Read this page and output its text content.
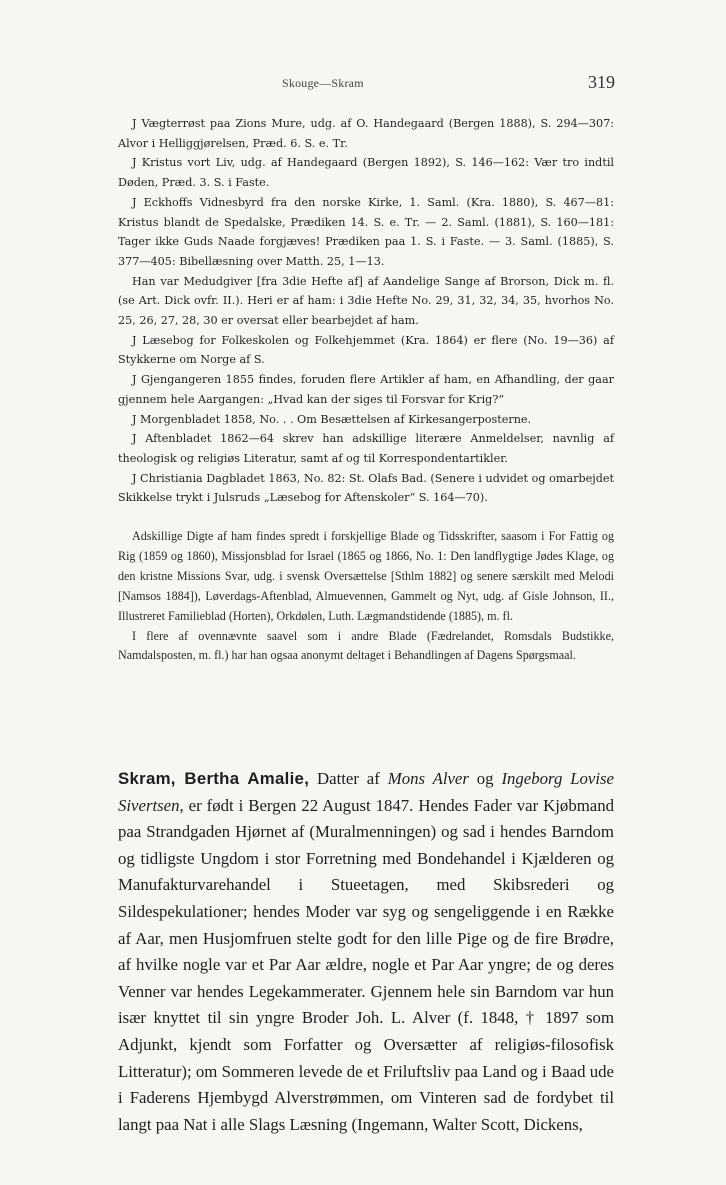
Skouge—Skram	319

J Vægterrøst paa Zions Mure, udg. af O. Handegaard (Bergen 1888), S. 294—307: Alvor i Helliggjørelsen, Præd. 6. S. e. Tr.

J Kristus vort Liv, udg. af Handegaard (Bergen 1892), S. 146—162: Vær tro indtil Døden, Præd. 3. S. i Faste.

J Eckhoffs Vidnesbyrd fra den norske Kirke, 1. Saml. (Kra. 1880), S. 467—81: Kristus blandt de Spedalske, Prædiken 14. S. e. Tr. — 2. Saml. (1881), S. 160—181: Tager ikke Guds Naade forgjæves! Prædiken paa 1. S. i Faste. — 3. Saml. (1885), S. 377—405: Bibellæsning over Matth. 25, 1—13.

Han var Medudgiver [fra 3die Hefte af] af Aandelige Sange af Brorson, Dick m. fl. (se Art. Dick ovfr. II.). Heri er af ham: i 3die Hefte No. 29, 31, 32, 34, 35, hvorhos No. 25, 26, 27, 28, 30 er oversat eller bearbejdet af ham.

J Læsebog for Folkeskolen og Folkehjemmet (Kra. 1864) er flere (No. 19—36) af Stykkerne om Norge af S.

J Gjengangeren 1855 findes, foruden flere Artikler af ham, en Afhandling, der gaar gjennem hele Aargangen: „Hvad kan der siges til Forsvar for Krig?“

J Morgenbladet 1858, No. . . Om Besættelsen af Kirkesangerposterne.

J Aftenbladet 1862—64 skrev han adskillige literære Anmeldelser, navnlig af theologisk og religiøs Literatur, samt af og til Korrespondentartikler.

J Christiania Dagbladet 1863, No. 82: St. Olafs Bad. (Senere i udvidet og omarbejdet Skikkelse trykt i Julsruds „Læsebog for Aftenskoler“ S. 164—70).

Adskillige Digte af ham findes spredt i forskjellige Blade og Tidsskrifter, saasom i For Fattig og Rig (1859 og 1860), Missjonsblad for Israel (1865 og 1866, No. 1: Den landflygtige Jødes Klage, og den kristne Missions Svar, udg. i svensk Oversættelse [Sthlm 1882] og senere særskilt med Melodi [Namsos 1884]), Løverdags-Aftenblad, Almuevennen, Gammelt og Nyt, udg. af Gisle Johnson, II., Illustreret Familieblad (Horten), Orkdølen, Luth. Lægmandstidende (1885), m. fl.

I flere af ovennævnte saavel som i andre Blade (Fædrelandet, Romsdals Budstikke, Namdalsposten, m. fl.) har han ogsaa anonymt deltaget i Behandlingen af Dagens Spørgsmaal.

Skram, Bertha Amalie, Datter af Mons Alver og Ingeborg Lovise Sivertsen, er født i Bergen 22 August 1847. Hendes Fader var Kjøbmand paa Strandgaden Hjørnet af (Muralmenningen) og sad i hendes Barndom og tidligste Ungdom i stor Forretning med Bondehandel i Kjælderen og Manufakturvarehandel i Stueetagen, med Skibsrederi og Sildespekulationer; hendes Moder var syg og sengeliggende i en Række af Aar, men Husjomfruen stelte godt for den lille Pige og de fire Brødre, af hvilke nogle var et Par Aar ældre, nogle et Par Aar yngre; de og deres Venner var hendes Legekammerater. Gjennem hele sin Barndom var hun især knyttet til sin yngre Broder Joh. L. Alver (f. 1848, † 1897 som Adjunkt, kjendt som Forfatter og Oversætter af religiøs-filosofisk Litteratur); om Sommeren levede de et Friluftsliv paa Land og i Baad ude i Faderens Hjembygd Alverstrømmen, om Vinteren sad de fordybet til langt paa Nat i alle Slags Læsning (Ingemann, Walter Scott, Dickens,
